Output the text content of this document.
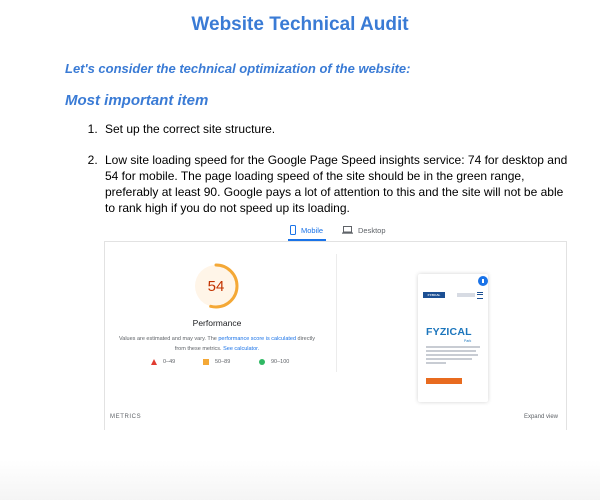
Website Technical Audit
Let's consider the technical optimization of the website:
Most important item
1. Set up the correct site structure.
2. Low site loading speed for the Google Page Speed insights service: 74 for desktop and 54 for mobile. The page loading speed of the site should be in the green range, preferably at least 90. Google pays a lot of attention to this and the site will not be able to rank high if you do not speed up its loading.
Mobile	Desktop
54
Performance
Values are estimated and may vary. The performance score is calculated directly from these metrics. See calculator.
0–49	50–89	90–100
FYZICAL
FYZICAL
Park
METRICS	Expand view
